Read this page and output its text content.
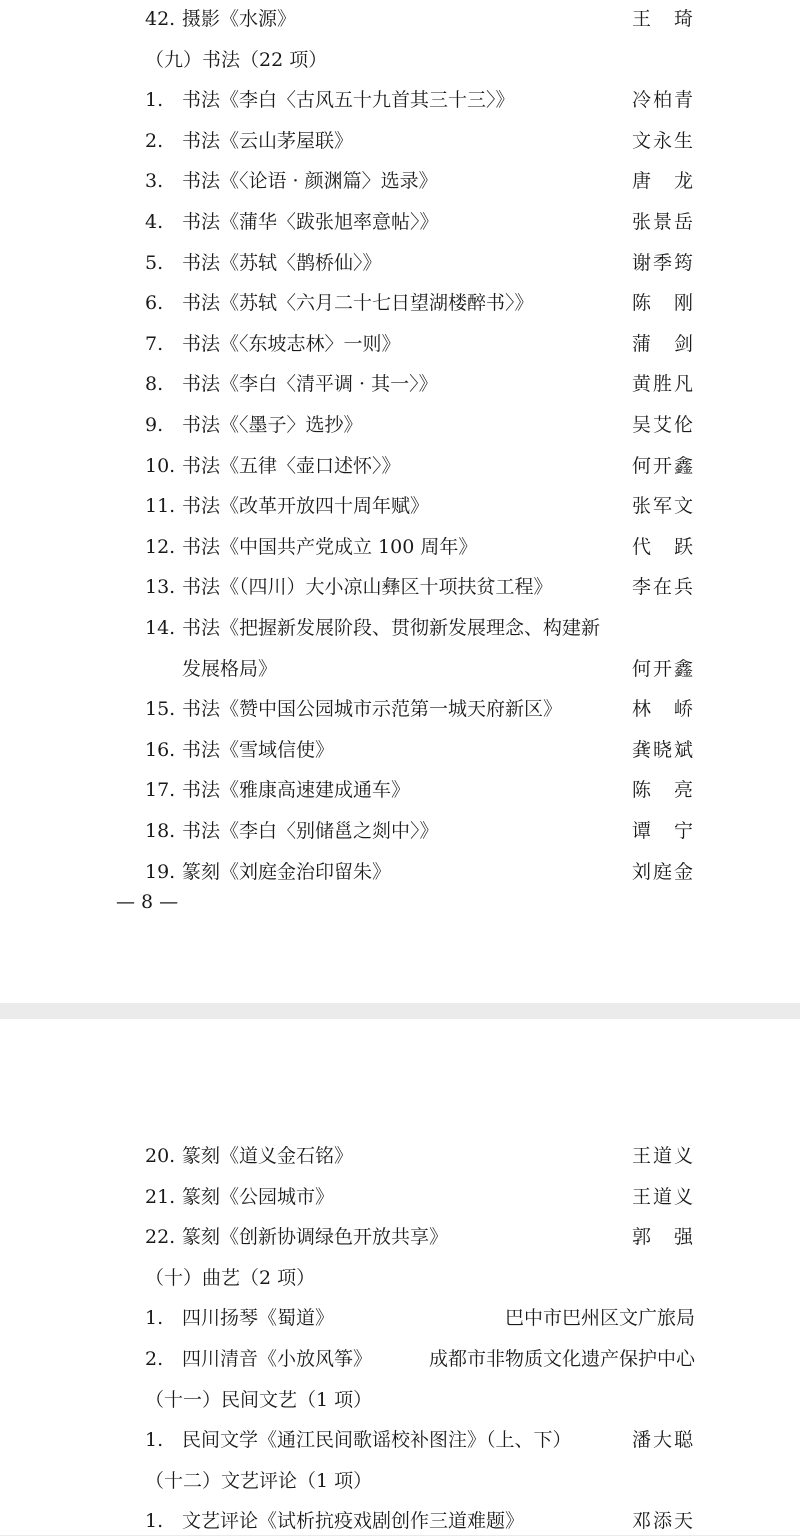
42. 摄影《水源》	王　琦
（九）书法（22 项）
1. 书法《李白〈古风五十九首其三十三〉》	冷柏青
2. 书法《云山茅屋联》	文永生
3. 书法《〈论语 · 颜渊篇〉选录》	唐　龙
4. 书法《蒲华〈跋张旭率意帖〉》	张景岳
5. 书法《苏轼〈鹊桥仙〉》	谢季筠
6. 书法《苏轼〈六月二十七日望湖楼醉书〉》	陈　刚
7. 书法《〈东坡志林〉一则》	蒲　剑
8. 书法《李白〈清平调 · 其一〉》	黄胜凡
9. 书法《〈墨子〉选抄》	吴艾伦
10. 书法《五律〈壶口述怀〉》	何开鑫
11. 书法《改革开放四十周年赋》	张军文
12. 书法《中国共产党成立 100 周年》	代　跃
13. 书法《（四川）大小凉山彝区十项扶贫工程》	李在兵
14. 书法《把握新发展阶段、贯彻新发展理念、构建新
发展格局》	何开鑫
15. 书法《赞中国公园城市示范第一城天府新区》	林　峤
16. 书法《雪域信使》	龚晓斌
17. 书法《雅康高速建成通车》	陈　亮
18. 书法《李白〈别储邕之剡中〉》	谭　宁
19. 篆刻《刘庭金治印留朱》	刘庭金
— 8 —
20. 篆刻《道义金石铭》	王道义
21. 篆刻《公园城市》	王道义
22. 篆刻《创新协调绿色开放共享》	郭　强
（十）曲艺（2 项）
1. 四川扬琴《蜀道》	巴中市巴州区文广旅局
2. 四川清音《小放风筝》	成都市非物质文化遗产保护中心
（十一）民间文艺（1 项）
1. 民间文学《通江民间歌谣校补图注》（上、下）	潘大聪
（十二）文艺评论（1 项）
1. 文艺评论《试析抗疫戏剧创作三道难题》	邓添天
